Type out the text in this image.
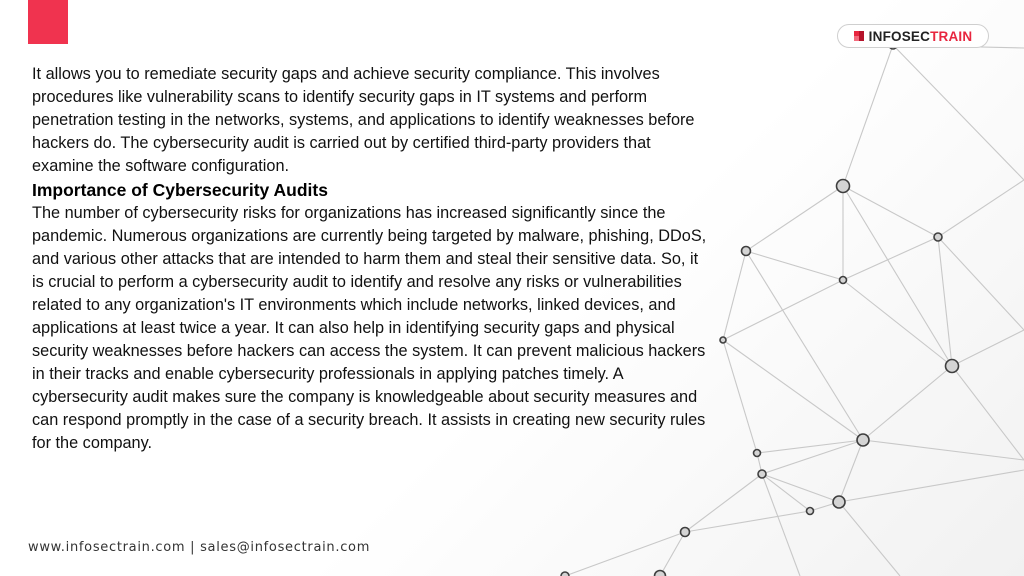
INFOSECTRAIN

It allows you to remediate security gaps and achieve security compliance. This involves procedures like vulnerability scans to identify security gaps in IT systems and perform penetration testing in the networks, systems, and applications to identify weaknesses before hackers do. The cybersecurity audit is carried out by certified third-party providers that examine the software configuration.

Importance of Cybersecurity Audits

The number of cybersecurity risks for organizations has increased significantly since the pandemic. Numerous organizations are currently being targeted by malware, phishing, DDoS, and various other attacks that are intended to harm them and steal their sensitive data. So, it is crucial to perform a cybersecurity audit to identify and resolve any risks or vulnerabilities related to any organization's IT environments which include networks, linked devices, and applications at least twice a year. It can also help in identifying security gaps and physical security weaknesses before hackers can access the system. It can prevent malicious hackers in their tracks and enable cybersecurity professionals in applying patches timely. A cybersecurity audit makes sure the company is knowledgeable about security measures and can respond promptly in the case of a security breach. It assists in creating new security rules for the company.

www.infosectrain.com | sales@infosectrain.com
